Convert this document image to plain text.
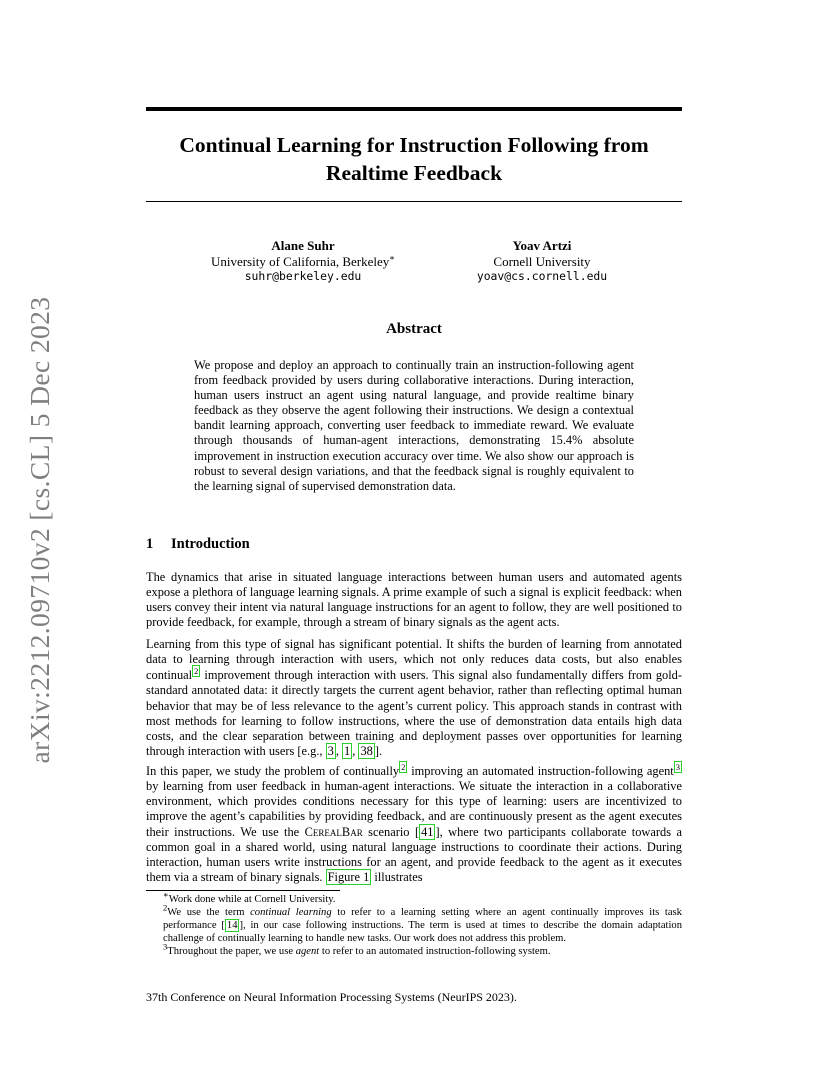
arXiv:2212.09710v2 [cs.CL] 5 Dec 2023
Continual Learning for Instruction Following from Realtime Feedback
Alane Suhr
University of California, Berkeley∗
suhr@berkeley.edu
Yoav Artzi
Cornell University
yoav@cs.cornell.edu
Abstract
We propose and deploy an approach to continually train an instruction-following agent from feedback provided by users during collaborative interactions. During interaction, human users instruct an agent using natural language, and provide realtime binary feedback as they observe the agent following their instructions. We design a contextual bandit learning approach, converting user feedback to immediate reward. We evaluate through thousands of human-agent interactions, demonstrating 15.4% absolute improvement in instruction execution accuracy over time. We also show our approach is robust to several design variations, and that the feedback signal is roughly equivalent to the learning signal of supervised demonstration data.
1 Introduction

The dynamics that arise in situated language interactions between human users and automated agents expose a plethora of language learning signals. A prime example of such a signal is explicit feedback: when users convey their intent via natural language instructions for an agent to follow, they are well positioned to provide feedback, for example, through a stream of binary signals as the agent acts.

Learning from this type of signal has significant potential. It shifts the burden of learning from annotated data to learning through interaction with users, which not only reduces data costs, but also enables continual $^2$ improvement through interaction with users. This signal also fundamentally differs from gold-standard annotated data: it directly targets the current agent behavior, rather than reflecting optimal human behavior that may be of less relevance to the agent’s current policy. This approach stands in contrast with most methods for learning to follow instructions, where the use of demonstration data entails high data costs, and the clear separation between training and deployment passes over opportunities for learning through interaction with users [e.g., 3 , 1 , 38 ].

In this paper, we study the problem of continually $^2$ improving an automated instruction-following agent $^3$ by learning from user feedback in human-agent interactions. We situate the interaction in a collaborative environment, which provides conditions necessary for this type of learning: users are incentivized to improve the agent’s capabilities by providing feedback, and are continuously present as the agent executes their instructions. We use the CerealBar scenario [ 41 ], where two participants collaborate towards a common goal in a shared world, using natural language instructions to coordinate their actions. During interaction, human users write instructions for an agent, and provide feedback to the agent as it executes them via a stream of binary signals. Figure 1 illustrates

∗Work done while at Cornell University.

$^2$We use the term continual learning to refer to a learning setting where an agent continually improves its task performance [ 14 ], in our case following instructions. The term is used at times to describe the domain adaptation challenge of continually learning to handle new tasks. Our work does not address this problem.

$^3$Throughout the paper, we use agent to refer to an automated instruction-following system.

37th Conference on Neural Information Processing Systems (NeurIPS 2023).
